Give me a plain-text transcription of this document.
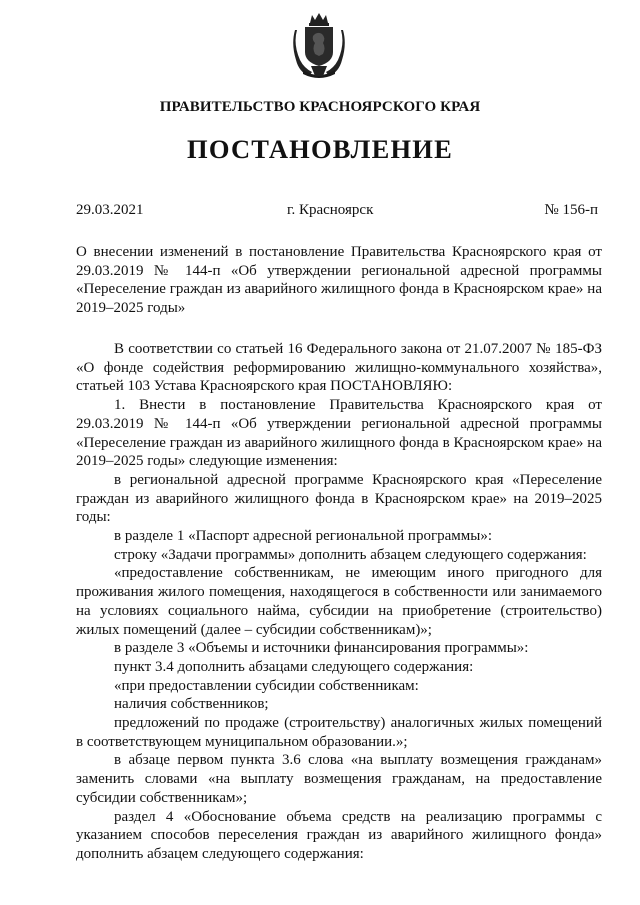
ПРАВИТЕЛЬСТВО КРАСНОЯРСКОГО КРАЯ
ПОСТАНОВЛЕНИЕ
29.03.2021	г. Красноярск	№ 156-п
О внесении изменений в постановление Правительства Красноярского края от 29.03.2019 № 144-п «Об утверждении региональной адресной программы «Переселение граждан из аварийного жилищного фонда в Красноярском крае» на 2019–2025 годы»

В соответствии со статьей 16 Федерального закона от 21.07.2007 № 185-ФЗ «О фонде содействия реформированию жилищно-коммунального хозяйства», статьей 103 Устава Красноярского края ПОСТАНОВЛЯЮ:

1. Внести в постановление Правительства Красноярского края от 29.03.2019 № 144-п «Об утверждении региональной адресной программы «Переселение граждан из аварийного жилищного фонда в Красноярском крае» на 2019–2025 годы» следующие изменения:

в региональной адресной программе Красноярского края «Переселение граждан из аварийного жилищного фонда в Красноярском крае» на 2019–2025 годы:

в разделе 1 «Паспорт адресной региональной программы»:

строку «Задачи программы» дополнить абзацем следующего содержания:

«предоставление собственникам, не имеющим иного пригодного для проживания жилого помещения, находящегося в собственности или занимаемого на условиях социального найма, субсидии на приобретение (строительство) жилых помещений (далее – субсидии собственникам)»;

в разделе 3 «Объемы и источники финансирования программы»:

пункт 3.4 дополнить абзацами следующего содержания:

«при предоставлении субсидии собственникам:

наличия собственников;

предложений по продаже (строительству) аналогичных жилых помещений в соответствующем муниципальном образовании.»;

в абзаце первом пункта 3.6 слова «на выплату возмещения гражданам» заменить словами «на выплату возмещения гражданам, на предоставление субсидии собственникам»;

раздел 4 «Обоснование объема средств на реализацию программы с указанием способов переселения граждан из аварийного жилищного фонда» дополнить абзацем следующего содержания:
